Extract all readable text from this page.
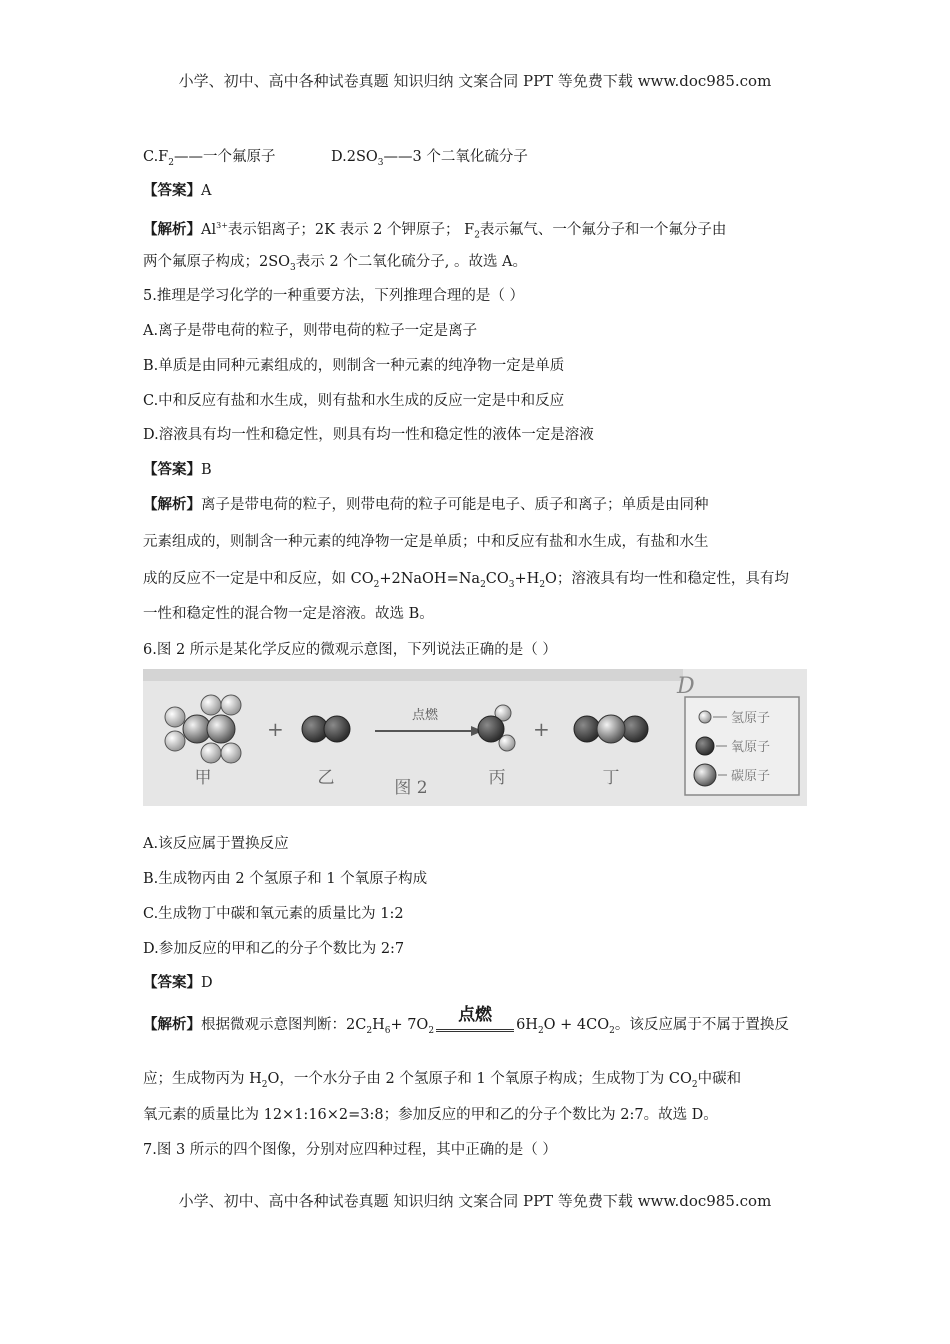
小学、初中、高中各种试卷真题 知识归纳 文案合同 PPT 等免费下载 www.doc985.com
$C.F_2——$一个氟原子	$D.2SO_3——3$ 个二氧化硫分子
【答案】A
【解析】$Al^{3+}$表示铝离子；2K 表示 2 个钾原子； $F_2$表示氟气、一个氟分子和一个氟分子由
两个氟原子构成；$2SO_3$表示 2 个二氧化硫分子, 。故选 A。
5.推理是学习化学的一种重要方法，下列推理合理的是（ ）
A.离子是带电荷的粒子，则带电荷的粒子一定是离子
B.单质是由同种元素组成的，则制含一种元素的纯净物一定是单质
C.中和反应有盐和水生成，则有盐和水生成的反应一定是中和反应
D.溶液具有均一性和稳定性，则具有均一性和稳定性的液体一定是溶液
【答案】B
【解析】离子是带电荷的粒子，则带电荷的粒子可能是电子、质子和离子；单质是由同种
元素组成的，则制含一种元素的纯净物一定是单质；中和反应有盐和水生成，有盐和水生
成的反应不一定是中和反应，如 $CO_2+2NaOH=Na_2CO_3+H_2O$；溶液具有均一性和稳定性，具有均
一性和稳定性的混合物一定是溶液。故选 B。
6.图 2 所示是某化学反应的微观示意图，下列说法正确的是（ ）
+
点燃
+
甲	乙	图 2	丙	丁
D
氢原子
氧原子
碳原子
A.该反应属于置换反应
B.生成物丙由 2 个氢原子和 1 个氧原子构成
C.生成物丁中碳和氧元素的质量比为 1:2
D.参加反应的甲和乙的分子个数比为 2:7
【答案】D
【解析】根据微观示意图判断：$2C_2H_6+ 7O_2$
点燃	$6H_2O + 4CO_2$。该反应属于不属于置换反
应；生成物丙为 $H_2O$，一个水分子由 2 个氢原子和 1 个氧原子构成；生成物丁为 $CO_2$中碳和
氧元素的质量比为 12×1:16×2=3:8；参加反应的甲和乙的分子个数比为 2:7。故选 D。
7.图 3 所示的四个图像，分别对应四种过程，其中正确的是（ ）
小学、初中、高中各种试卷真题 知识归纳 文案合同 PPT 等免费下载 www.doc985.com
